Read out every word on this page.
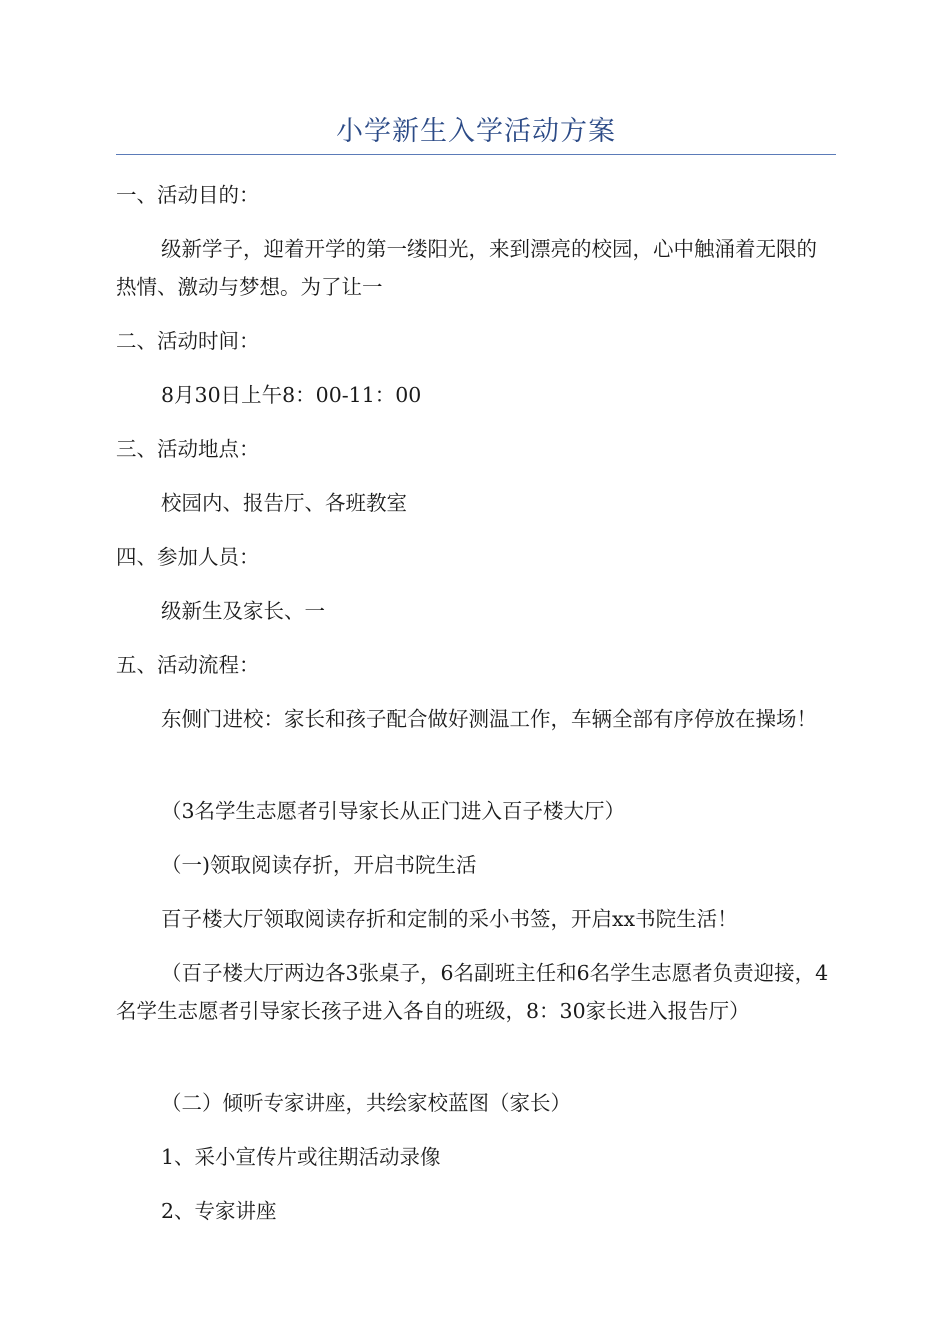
小学新生入学活动方案

一、活动目的：

级新学子，迎着开学的第一缕阳光，来到漂亮的校园，心中触涌着无限的热情、激动与梦想。为了让一

二、活动时间：

8月30日上午8：00-11：00

三、活动地点：

校园内、报告厅、各班教室

四、参加人员：

级新生及家长、一

五、活动流程：

东侧门进校：家长和孩子配合做好测温工作，车辆全部有序停放在操场！

（3名学生志愿者引导家长从正门进入百子楼大厅）

（一)领取阅读存折，开启书院生活

百子楼大厅领取阅读存折和定制的采小书签，开启xx书院生活！

（百子楼大厅两边各3张桌子，6名副班主任和6名学生志愿者负责迎接，4名学生志愿者引导家长孩子进入各自的班级，8：30家长进入报告厅）

（二）倾听专家讲座，共绘家校蓝图（家长）

1、采小宣传片或往期活动录像

2、专家讲座
